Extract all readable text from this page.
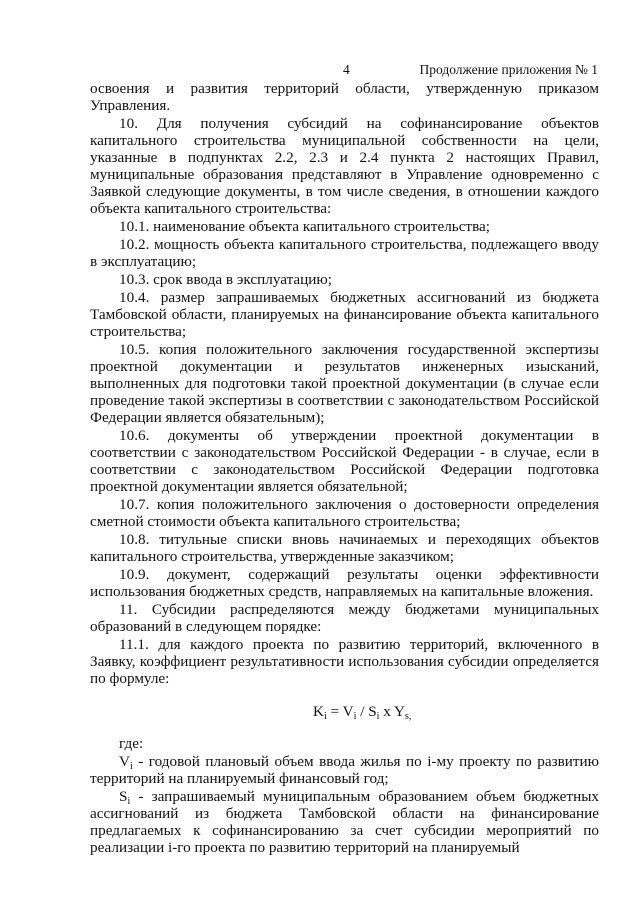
4	Продолжение приложения № 1

освоения и развития территорий области, утвержденную приказом Управления.

10. Для получения субсидий на софинансирование объектов капитального строительства муниципальной собственности на цели, указанные в подпунктах 2.2, 2.3 и 2.4 пункта 2 настоящих Правил, муниципальные образования представляют в Управление одновременно с Заявкой следующие документы, в том числе сведения, в отношении каждого объекта капитального строительства:

10.1. наименование объекта капитального строительства;

10.2. мощность объекта капитального строительства, подлежащего вводу в эксплуатацию;

10.3. срок ввода в эксплуатацию;

10.4. размер запрашиваемых бюджетных ассигнований из бюджета Тамбовской области, планируемых на финансирование объекта капитального строительства;

10.5. копия положительного заключения государственной экспертизы проектной документации и результатов инженерных изысканий, выполненных для подготовки такой проектной документации (в случае если проведение такой экспертизы в соответствии с законодательством Российской Федерации является обязательным);

10.6. документы об утверждении проектной документации в соответствии с законодательством Российской Федерации - в случае, если в соответствии с законодательством Российской Федерации подготовка проектной документации является обязательной;

10.7. копия положительного заключения о достоверности определения сметной стоимости объекта капитального строительства;

10.8. титульные списки вновь начинаемых и переходящих объектов капитального строительства, утвержденные заказчиком;

10.9. документ, содержащий результаты оценки эффективности использования бюджетных средств, направляемых на капитальные вложения.

11. Субсидии распределяются между бюджетами муниципальных образований в следующем порядке:

11.1. для каждого проекта по развитию территорий, включенного в Заявку, коэффициент результативности использования субсидии определяется по формуле:

$K_i = V_i / S_i$ x $Y_{s,}$

где:

$V_i$ - годовой плановый объем ввода жилья по i-му проекту по развитию территорий на планируемый финансовый год;

$S_i$ - запрашиваемый муниципальным образованием объем бюджетных ассигнований из бюджета Тамбовской области на финансирование предлагаемых к софинансированию за счет субсидии мероприятий по реализации i-го проекта по развитию территорий на планируемый
